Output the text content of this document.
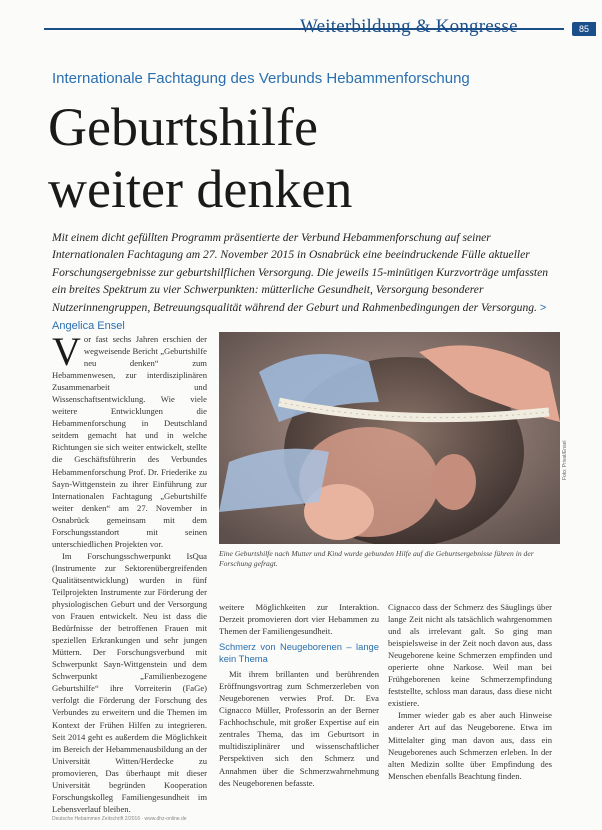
Weiterbildung & Kongresse	85
Internationale Fachtagung des Verbunds Hebammenforschung
Geburtshilfe
weiter denken
Mit einem dicht gefüllten Programm präsentierte der Verbund Hebammenforschung auf seiner Internationalen Fachtagung am 27. November 2015 in Osnabrück eine beeindruckende Fülle aktueller Forschungsergebnisse zur geburtshilflichen Versorgung. Die jeweils 15-minütigen Kurzvorträge umfassten ein breites Spektrum zu vier Schwerpunkten: mütterliche Gesundheit, Versorgung besonderer Nutzerinnengruppen, Betreuungsqualität während der Geburt und Rahmenbedingungen der Versorgung. > Angelica Ensel

Vor fast sechs Jahren erschien der wegweisende Bericht „Geburtshilfe neu denken“ zum Hebammenwesen, zur interdisziplinären Zusammenarbeit und Wissenschaftsentwicklung. Wie viele weitere Entwicklungen die Hebammenforschung in Deutschland seitdem gemacht hat und in welche Richtungen sie sich weiter entwickelt, stellte die Geschäftsführerin des Verbundes Hebammenforschung Prof. Dr. Friederike zu Sayn-Wittgenstein zu ihrer Einführung zur Internationalen Fachtagung „Geburtshilfe weiter denken“ am 27. November in Osnabrück gemeinsam mit dem Forschungsstandort mit seinen unterschiedlichen Projekten vor.

Im Forschungsschwerpunkt IsQua (Instrumente zur Sektorenübergreifenden Qualitätsentwicklung) wurden in fünf Teilprojekten Instrumente zur Förderung der physiologischen Geburt und der Versorgung von Frauen entwickelt. Neu ist dass die Bedürfnisse der betroffenen Frauen mit speziellen Erkrankungen und sehr jungen Müttern. Der Forschungsverbund mit Schwerpunkt Sayn-Wittgenstein und dem Schwerpunkt „Familienbezogene Geburtshilfe“ ihre Vorreiterin (FaGe) verfolgt die Förderung der Forschung des Verbundes zu erweitern und die Themen im Kontext der Frühen Hilfen zu integrieren. Seit 2014 geht es außerdem die Möglichkeit im Bereich der Hebammenausbildung an der Universität Witten/Herdecke zu promovieren, Das überhaupt mit dieser Universität begründen Kooperation Forschungskolleg Familiengesundheit im Lebensverlauf bleiben.

Foto: Privat/Ensel
Eine Geburtshilfe nach Mutter und Kind wurde gebunden Hilfe auf die Geburtsergebnisse führen in der Forschung gefragt.

weitere Möglichkeiten zur Interaktion. Derzeit promovieren dort vier Hebammen zu Themen der Familiengesundheit.

Schmerz von Neugeborenen – lange kein Thema

Mit ihrem brillanten und berührenden Eröffnungsvortrag zum Schmerzerleben von Neugeborenen verwies Prof. Dr. Eva Cignacco Müller, Professorin an der Berner Fachhochschule, mit großer Expertise auf ein zentrales Thema, das im Geburtsort in multidisziplinärer und wissenschaftlicher Perspektiven sich den Schmerz und Annahmen über die Schmerzwahrnehmung des Neugeborenen befasste.

Cignacco dass der Schmerz des Säuglings über lange Zeit nicht als tatsächlich wahrgenommen und als irrelevant galt. So ging man beispielsweise in der Zeit noch davon aus, dass Neugeborene keine Schmerzen empfinden und operierte ohne Narkose. Weil man bei Frühgeborenen keine Schmerzempfindung feststellte, schloss man daraus, dass diese nicht existiere.

Immer wieder gab es aber auch Hinweise anderer Art auf das Neugeborene. Etwa im Mittelalter ging man davon aus, dass ein Neugeborenes auch Schmerzen erleben. In der alten Medizin sollte über Empfindung des Menschen ebenfalls Beachtung finden.

Deutsche Hebammen Zeitschrift 2/2016 · www.dhz-online.de
